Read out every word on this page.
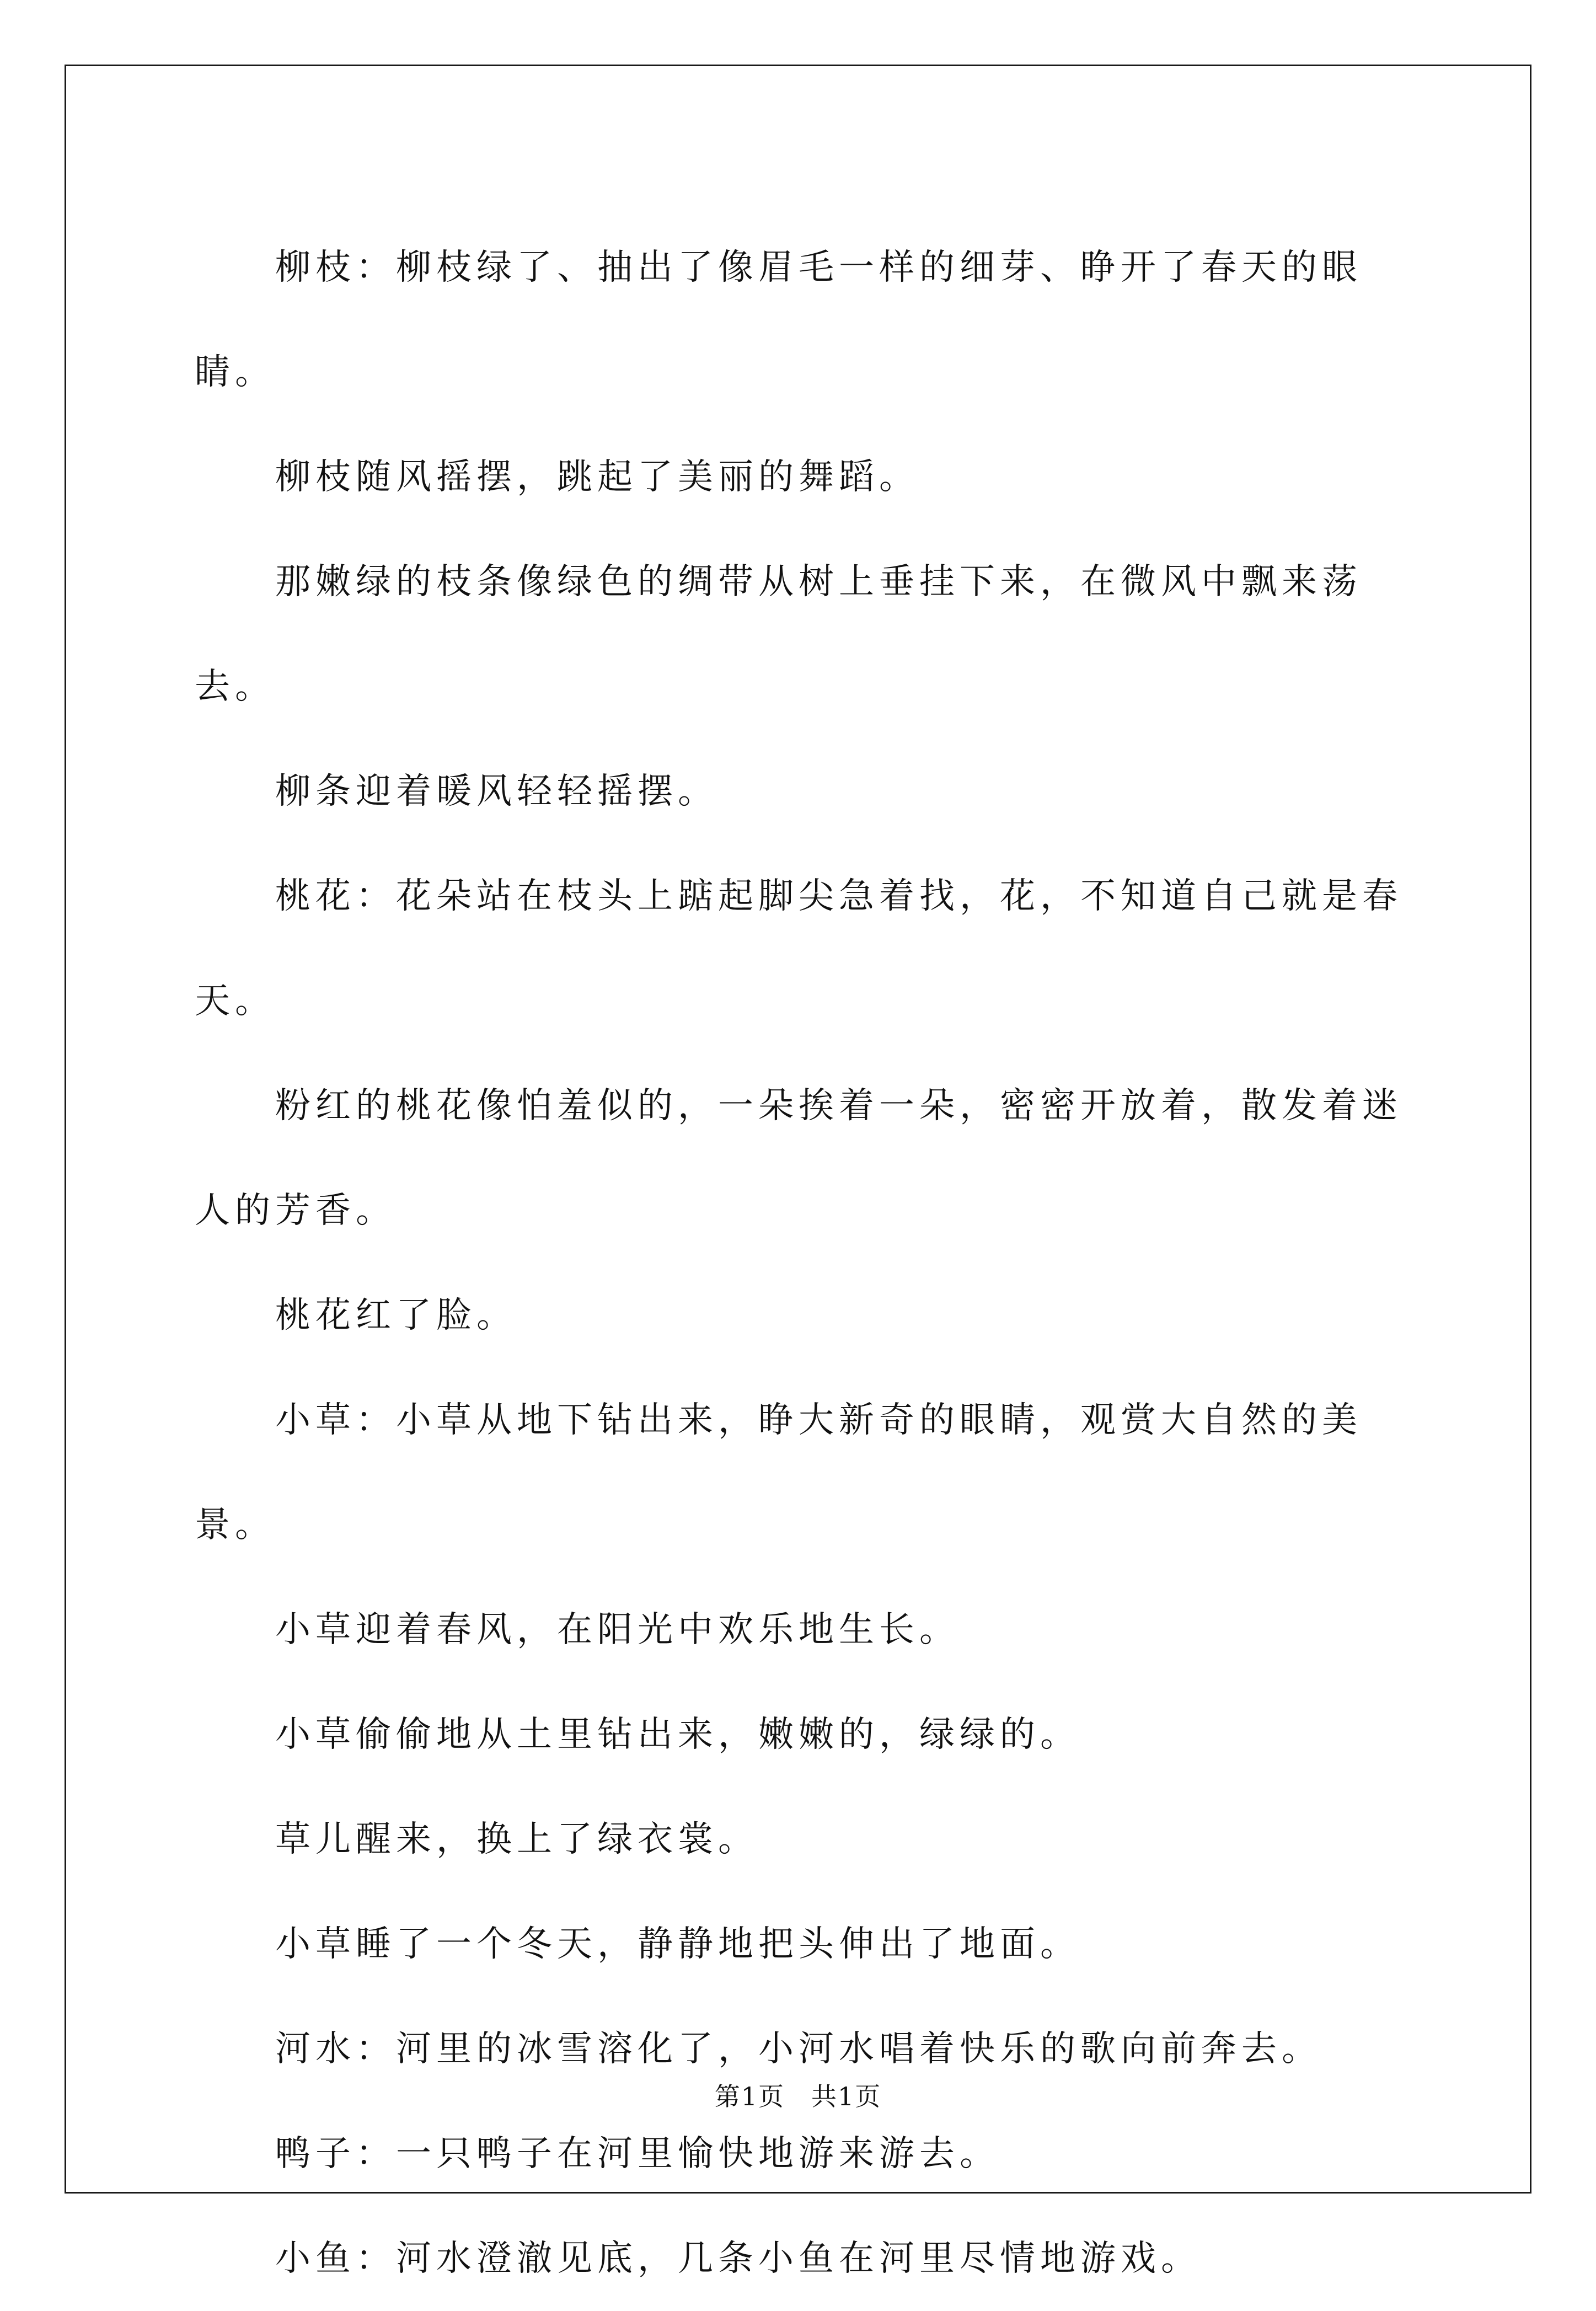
柳枝：柳枝绿了、抽出了像眉毛一样的细芽、睁开了春天的眼睛。

柳枝随风摇摆，跳起了美丽的舞蹈。

那嫩绿的枝条像绿色的绸带从树上垂挂下来，在微风中飘来荡去。

柳条迎着暖风轻轻摇摆。

桃花：花朵站在枝头上踮起脚尖急着找，花，不知道自己就是春天。

粉红的桃花像怕羞似的，一朵挨着一朵，密密开放着，散发着迷人的芳香。

桃花红了脸。

小草：小草从地下钻出来，睁大新奇的眼睛，观赏大自然的美景。

小草迎着春风，在阳光中欢乐地生长。

小草偷偷地从土里钻出来，嫩嫩的，绿绿的。

草儿醒来，换上了绿衣裳。

小草睡了一个冬天，静静地把头伸出了地面。

河水：河里的冰雪溶化了，小河水唱着快乐的歌向前奔去。

鸭子：一只鸭子在河里愉快地游来游去。

小鱼：河水澄澈见底，几条小鱼在河里尽情地游戏。

第1页　共1页
